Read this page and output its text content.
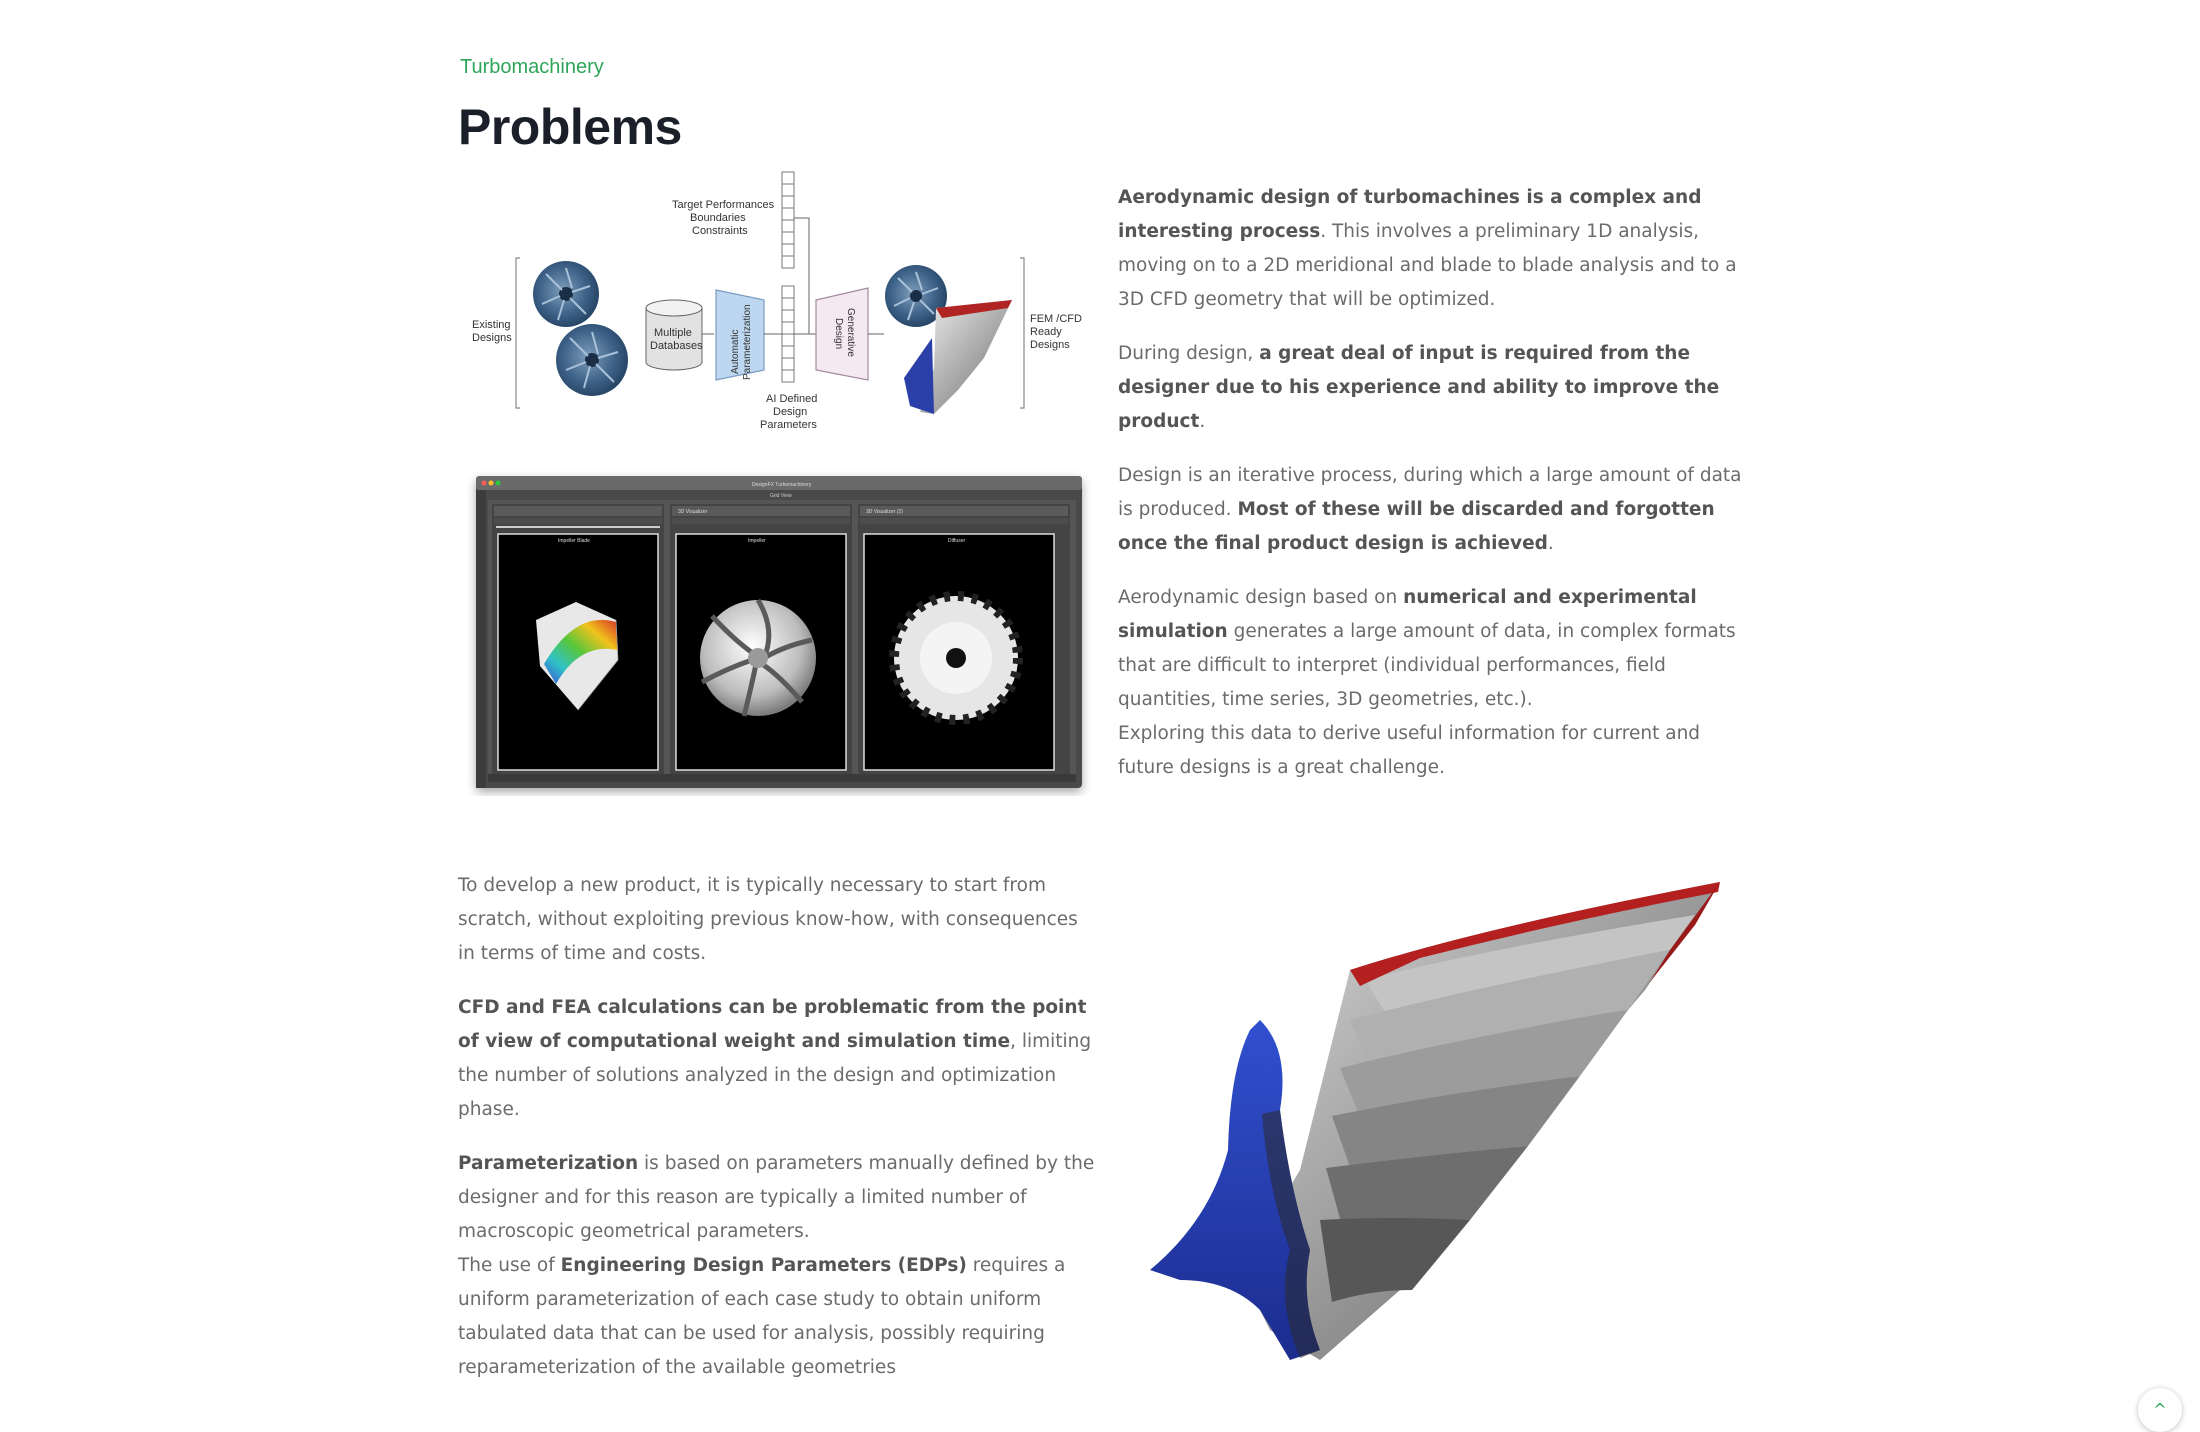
Turbomachinery
Problems
Existing
Designs	Multiple
Databases	Automatic Parameterization
Target Performances
Boundaries
Constraints
AI Defined
Design
Parameters
Generative
Design	FEM /CFD
Ready
Designs
DesignFX Turbomachinery
Grid View
Impeller Blade
3D Visualizer
Impeller
3D Visualizer (2)
Diffuser

Aerodynamic design of turbomachines is a complex and interesting process. This involves a preliminary 1D analysis, moving on to a 2D meridional and blade to blade analysis and to a 3D CFD geometry that will be optimized.

During design, a great deal of input is required from the designer due to his experience and ability to improve the product.

Design is an iterative process, during which a large amount of data is produced. Most of these will be discarded and forgotten once the final product design is achieved.

Aerodynamic design based on numerical and experimental simulation generates a large amount of data, in complex formats that are difficult to interpret (individual performances, field quantities, time series, 3D geometries, etc.).

Exploring this data to derive useful information for current and future designs is a great challenge.

To develop a new product, it is typically necessary to start from scratch, without exploiting previous know-how, with consequences in terms of time and costs.

CFD and FEA calculations can be problematic from the point of view of computational weight and simulation time, limiting the number of solutions analyzed in the design and optimization phase.

Parameterization is based on parameters manually defined by the designer and for this reason are typically a limited number of macroscopic geometrical parameters.

The use of Engineering Design Parameters (EDPs) requires a uniform parameterization of each case study to obtain uniform tabulated data that can be used for analysis, possibly requiring reparameterization of the available geometries

^
